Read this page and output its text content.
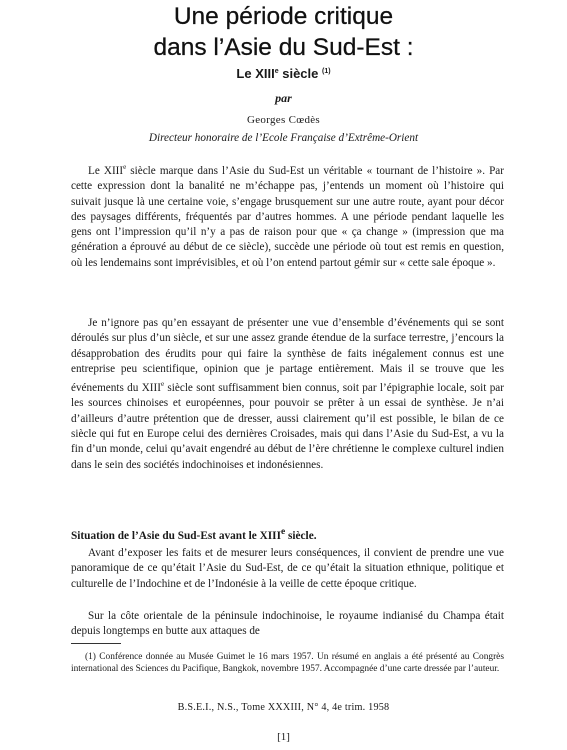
Une période critique
dans l’Asie du Sud-Est :
Le XIIIe siècle $^{(1)}$
par
Georges Cœdès
Directeur honoraire de l’Ecole Française d’Extrême-Orient

Le XIIIe siècle marque dans l’Asie du Sud-Est un véritable « tournant de l’histoire ». Par cette expression dont la banalité ne m’échappe pas, j’entends un moment où l’histoire qui suivait jusque là une certaine voie, s’engage brusquement sur une autre route, ayant pour décor des paysages différents, fréquentés par d’autres hommes. A une période pendant laquelle les gens ont l’impression qu’il n’y a pas de raison pour que « ça change » (impression que ma génération a éprouvé au début de ce siècle), succède une période où tout est remis en question, où les lendemains sont imprévisibles, et où l’on entend partout gémir sur « cette sale époque ».

Je n’ignore pas qu’en essayant de présenter une vue d’ensemble d’événements qui se sont déroulés sur plus d’un siècle, et sur une assez grande étendue de la surface terrestre, j’encours la désapprobation des érudits pour qui faire la synthèse de faits inégalement connus est une entreprise peu scientifique, opinion que je partage entièrement. Mais il se trouve que les événements du XIIIe siècle sont suffisamment bien connus, soit par l’épigraphie locale, soit par les sources chinoises et européennes, pour pouvoir se prêter à un essai de synthèse. Je n’ai d’ailleurs d’autre prétention que de dresser, aussi clairement qu’il est possible, le bilan de ce siècle qui fut en Europe celui des dernières Croisades, mais qui dans l’Asie du Sud-Est, a vu la fin d’un monde, celui qu’avait engendré au début de l’ère chrétienne le complexe culturel indien dans le sein des sociétés indochinoises et indonésiennes.

Situation de l’Asie du Sud-Est avant le XIIIe siècle.

Avant d’exposer les faits et de mesurer leurs conséquences, il convient de prendre une vue panoramique de ce qu’était l’Asie du Sud-Est, de ce qu’était la situation ethnique, politique et culturelle de l’Indochine et de l’Indonésie à la veille de cette époque critique.

Sur la côte orientale de la péninsule indochinoise, le royaume indianisé du Champa était depuis longtemps en butte aux attaques de

(1) Conférence donnée au Musée Guimet le 16 mars 1957. Un résumé en anglais a été présenté au Congrès international des Sciences du Pacifique, Bangkok, novembre 1957. Accompagnée d’une carte dressée par l’auteur.
B.S.E.I., N.S., Tome XXXIII, N° 4, 4e trim. 1958
[1]
